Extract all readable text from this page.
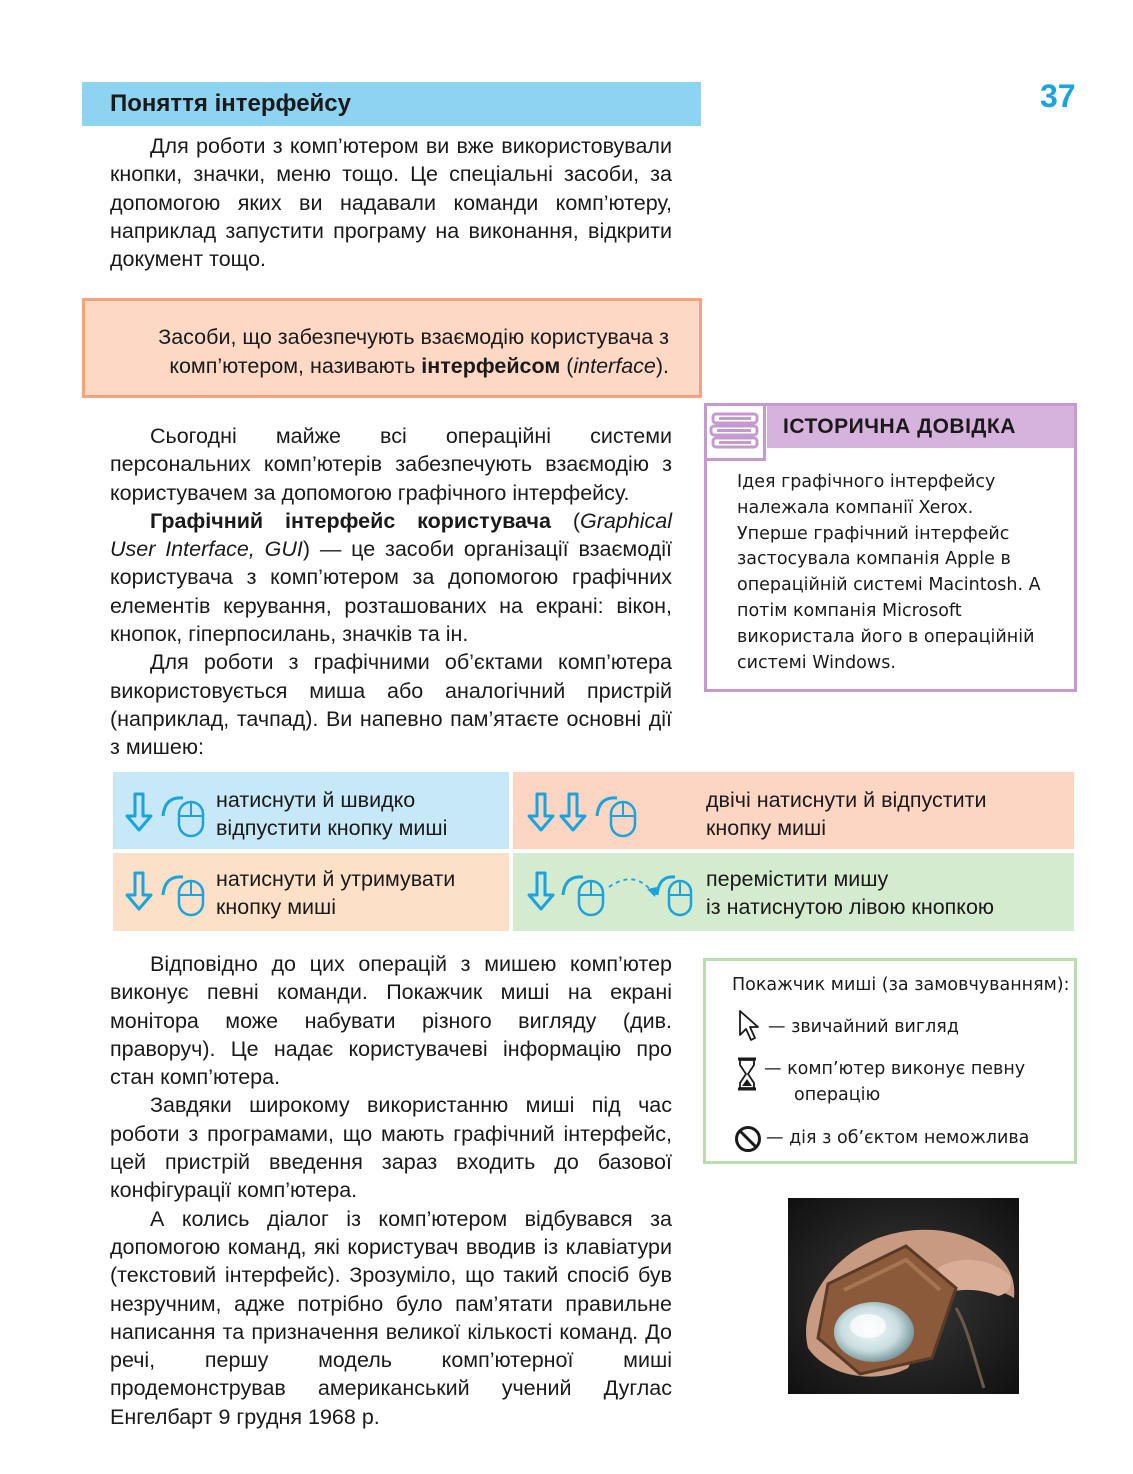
37
Поняття інтерфейсу

Для роботи з комп’ютером ви вже використовували кнопки, значки, меню тощо. Це спеціальні засоби, за допомогою яких ви надавали команди комп’ютеру, наприклад запустити програму на виконання, відкрити документ тощо.

Засоби, що забезпечують взаємодію користувача з комп’ютером, називають інтерфейсом (interface).

Сьогодні майже всі операційні системи персональних комп’ютерів забезпечують взаємодію з користувачем за допомогою графічного інтерфейсу.

Графічний інтерфейс користувача (Graphical User Interface, GUI) — це засоби організації взаємодії користувача з комп’ютером за допомогою графічних елементів керування, розташованих на екрані: вікон, кнопок, гіперпосилань, значків та ін.

Для роботи з графічними об’єктами комп’ютера використовується миша або аналогічний пристрій (наприклад, тачпад). Ви напевно пам’ятаєте основні дії з мишею:

ІСТОРИЧНА ДОВІДКА
Ідея графічного інтерфейсу належала компанії Xerox. Уперше графічний інтерфейс застосувала компанія Apple в операційній системі Macintosh. А потім компанія Microsoft використала його в операційній системі Windows.
натиснути й швидко
відпустити кнопку миші
двічі натиснути й відпустити
кнопку миші
натиснути й утримувати
кнопку миші
перемістити мишу
із натиснутою лівою кнопкою

Відповідно до цих операцій з мишею комп’ютер виконує певні команди. Покажчик миші на екрані монітора може набувати різного вигляду (див. праворуч). Це надає користувачеві інформацію про стан комп’ютера.

Завдяки широкому використанню миші під час роботи з програмами, що мають графічний інтерфейс, цей пристрій введення зараз входить до базової конфігурації комп’ютера.

А колись діалог із комп’ютером відбувався за допомогою команд, які користувач вводив із клавіатури (текстовий інтерфейс). Зрозуміло, що такий спосіб був незручним, адже потрібно було пам’ятати правильне написання та призначення великої кількості команд. До речі, першу модель комп’ютерної миші продемонстрував американський учений Дуглас Енгелбарт 9 грудня 1968 р.

Покажчик миші (за замовчуванням):
— звичайний вигляд
— комп’ютер виконує певну
операцію
— дія з об’єктом неможлива
